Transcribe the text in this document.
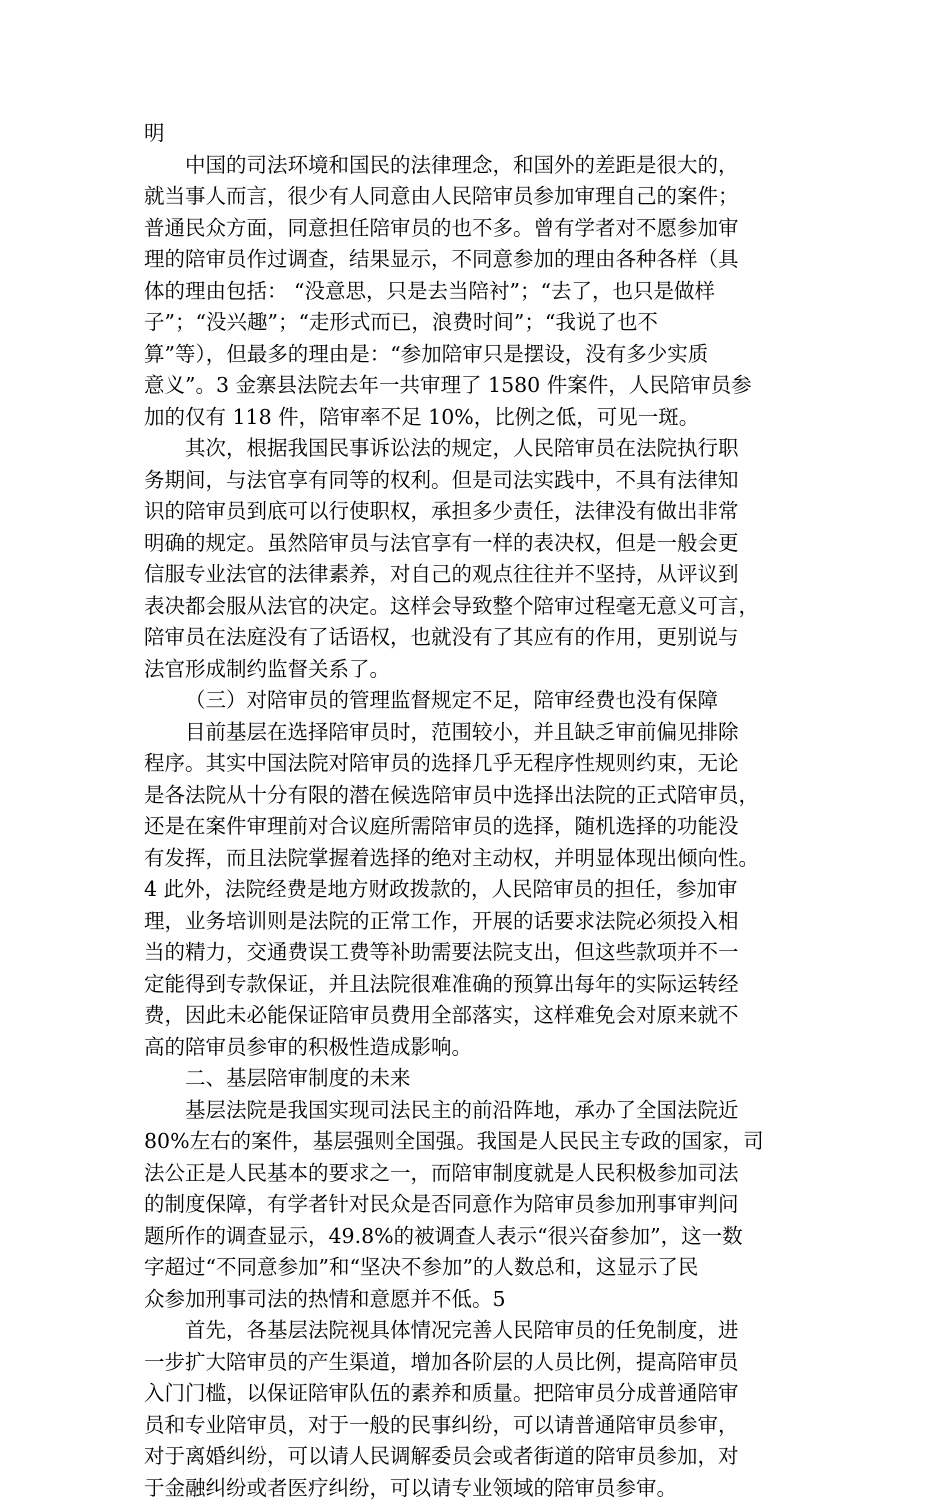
明
中国的司法环境和国民的法律理念，和国外的差距是很大的，
就当事人而言，很少有人同意由人民陪审员参加审理自己的案件；
普通民众方面，同意担任陪审员的也不多。曾有学者对不愿参加审
理的陪审员作过调查，结果显示，不同意参加的理由各种各样（具
体的理由包括： “没意思，只是去当陪衬”；“去了，也只是做样
子”；“没兴趣”；“走形式而已，浪费时间”；“我说了也不
算”等），但最多的理由是：“参加陪审只是摆设，没有多少实质
意义”。3 金寨县法院去年一共审理了 1580 件案件，人民陪审员参
加的仅有 118 件，陪审率不足 10%，比例之低，可见一斑。
其次，根据我国民事诉讼法的规定，人民陪审员在法院执行职
务期间，与法官享有同等的权利。但是司法实践中，不具有法律知
识的陪审员到底可以行使职权，承担多少责任，法律没有做出非常
明确的规定。虽然陪审员与法官享有一样的表决权，但是一般会更
信服专业法官的法律素养，对自己的观点往往并不坚持，从评议到
表决都会服从法官的决定。这样会导致整个陪审过程毫无意义可言，
陪审员在法庭没有了话语权，也就没有了其应有的作用，更别说与
法官形成制约监督关系了。
（三）对陪审员的管理监督规定不足，陪审经费也没有保障
目前基层在选择陪审员时，范围较小，并且缺乏审前偏见排除
程序。其实中国法院对陪审员的选择几乎无程序性规则约束，无论
是各法院从十分有限的潜在候选陪审员中选择出法院的正式陪审员，
还是在案件审理前对合议庭所需陪审员的选择，随机选择的功能没
有发挥，而且法院掌握着选择的绝对主动权，并明显体现出倾向性。
4 此外，法院经费是地方财政拨款的，人民陪审员的担任，参加审
理，业务培训则是法院的正常工作，开展的话要求法院必须投入相
当的精力，交通费误工费等补助需要法院支出，但这些款项并不一
定能得到专款保证，并且法院很难准确的预算出每年的实际运转经
费，因此未必能保证陪审员费用全部落实，这样难免会对原来就不
高的陪审员参审的积极性造成影响。
二、基层陪审制度的未来
基层法院是我国实现司法民主的前沿阵地，承办了全国法院近
80%左右的案件，基层强则全国强。我国是人民民主专政的国家，司
法公正是人民基本的要求之一，而陪审制度就是人民积极参加司法
的制度保障，有学者针对民众是否同意作为陪审员参加刑事审判问
题所作的调查显示，49.8%的被调查人表示“很兴奋参加”，这一数
字超过“不同意参加”和“坚决不参加”的人数总和，这显示了民
众参加刑事司法的热情和意愿并不低。5
首先，各基层法院视具体情况完善人民陪审员的任免制度，进
一步扩大陪审员的产生渠道，增加各阶层的人员比例，提高陪审员
入门门槛，以保证陪审队伍的素养和质量。把陪审员分成普通陪审
员和专业陪审员，对于一般的民事纠纷，可以请普通陪审员参审，
对于离婚纠纷，可以请人民调解委员会或者街道的陪审员参加，对
于金融纠纷或者医疗纠纷，可以请专业领域的陪审员参审。
